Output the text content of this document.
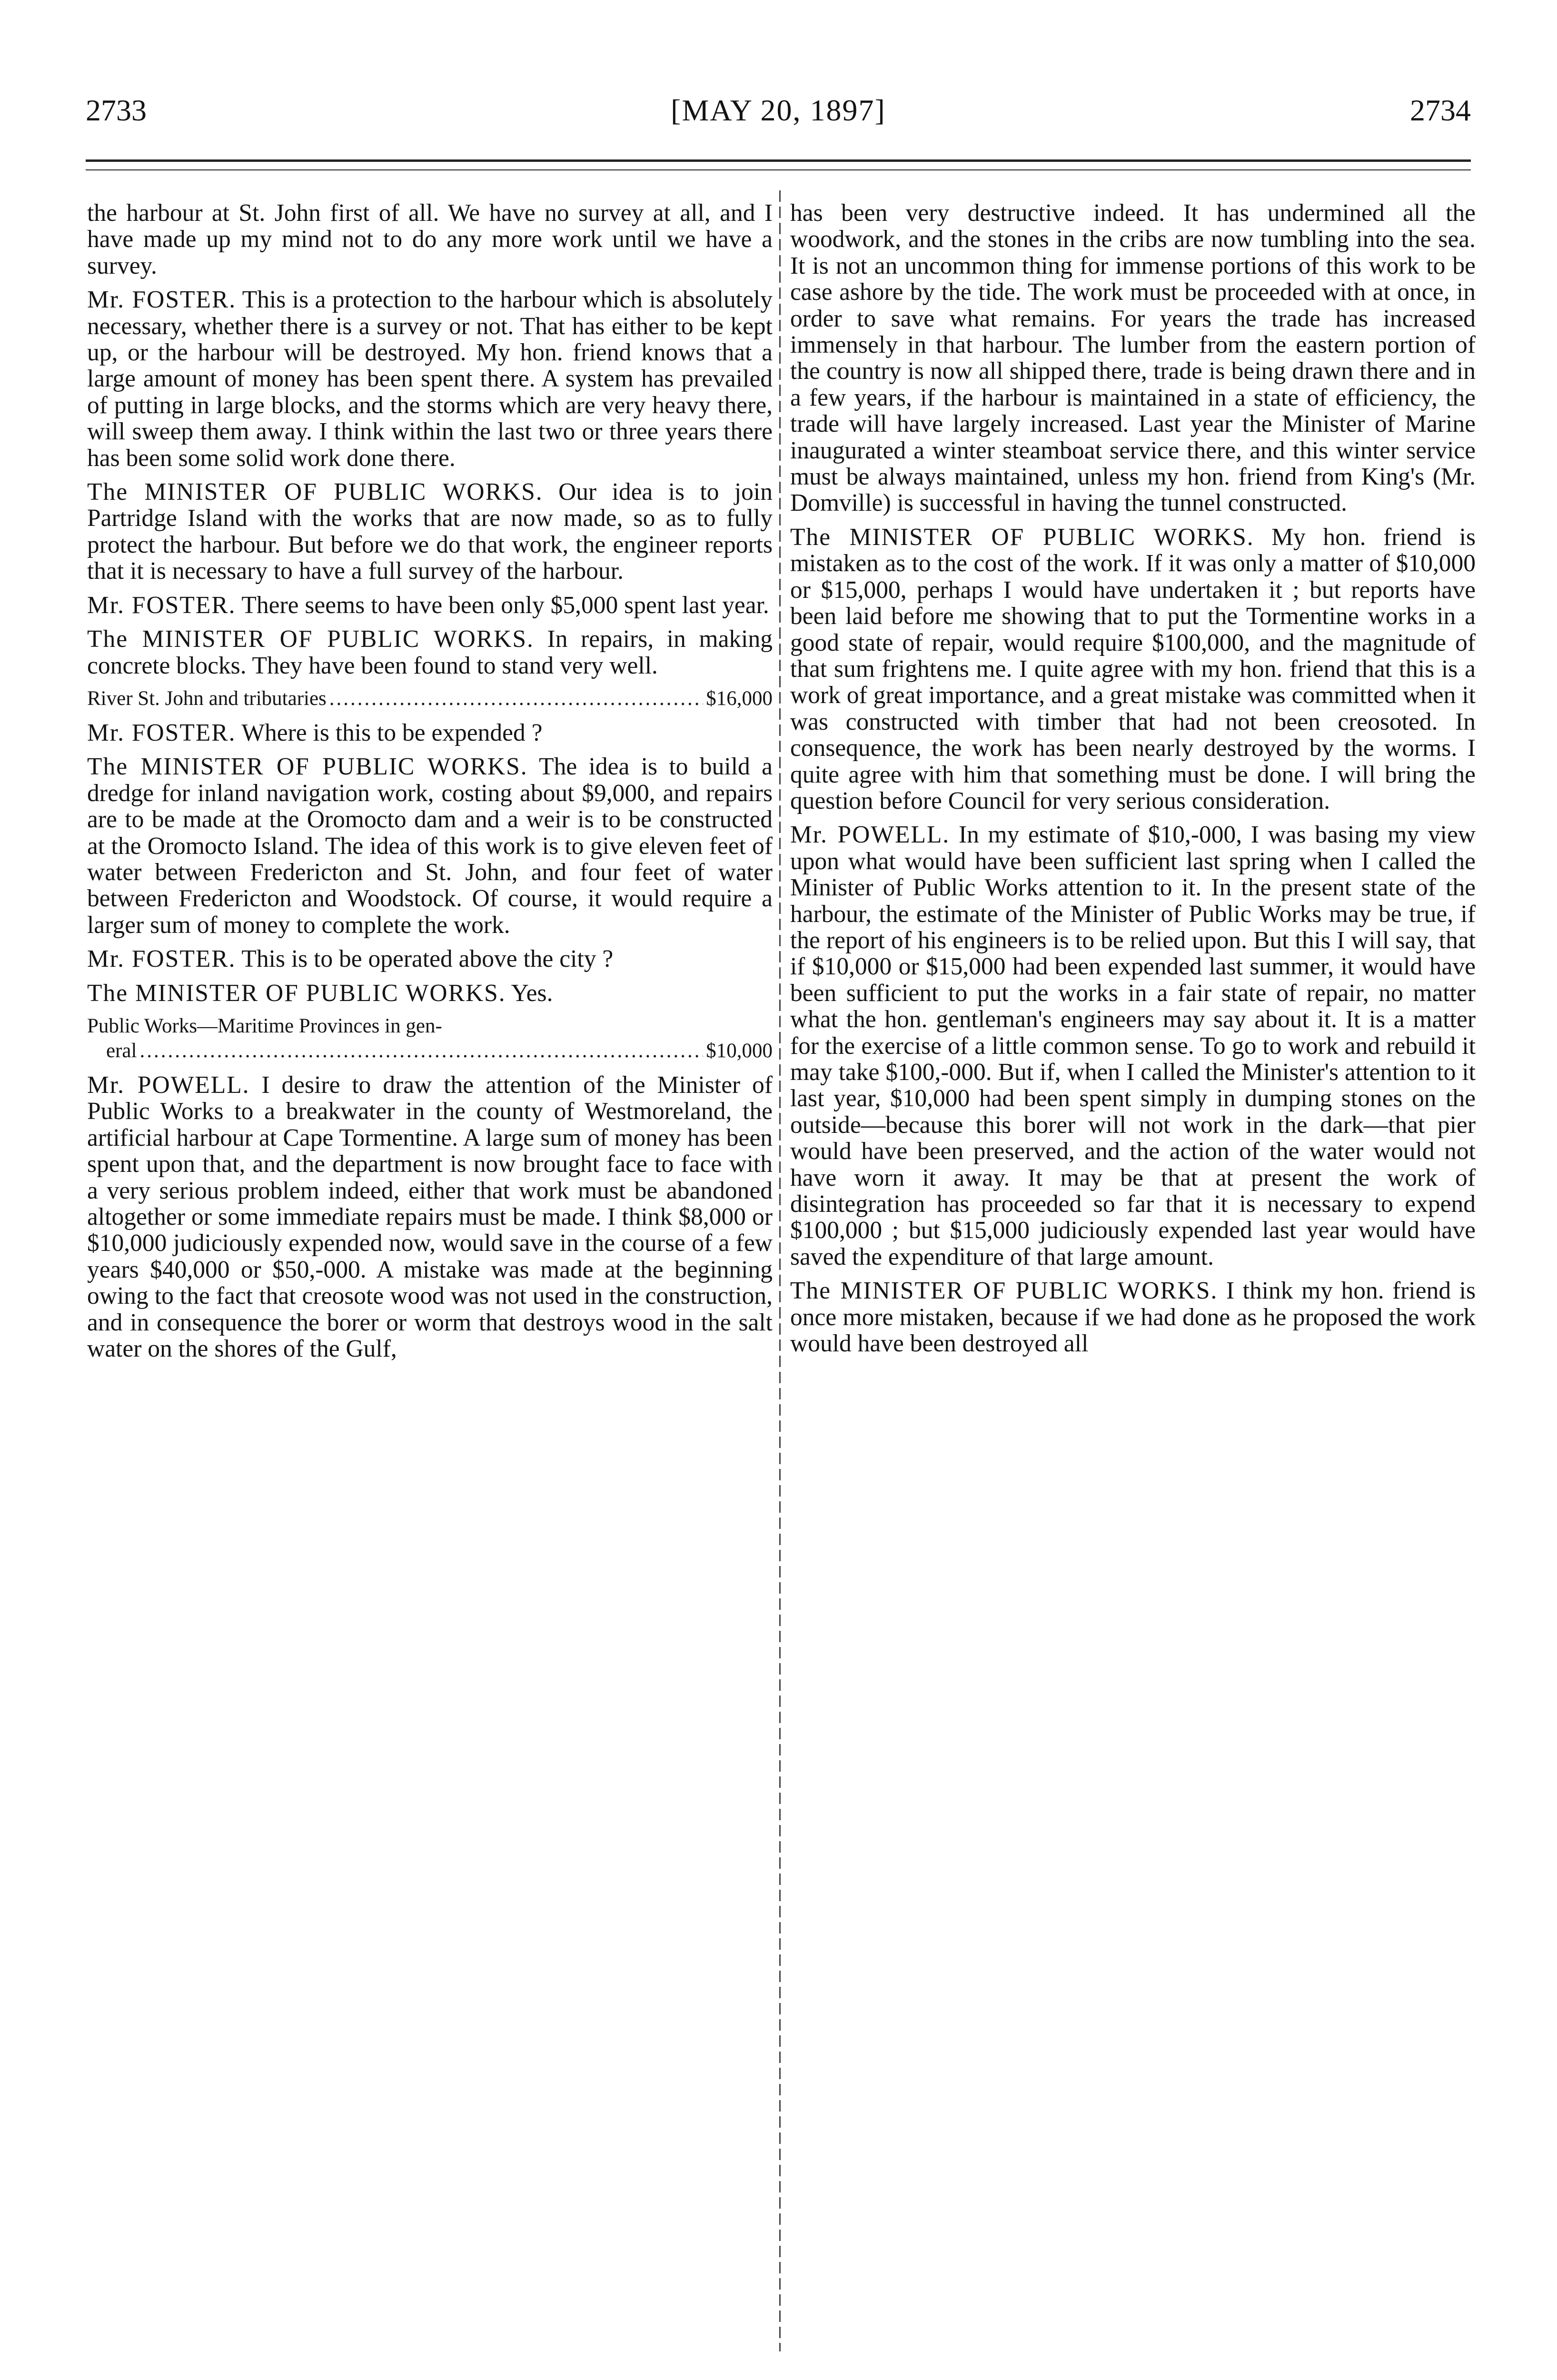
2733	[MAY 20, 1897]	2734

the harbour at St. John first of all. We have no survey at all, and I have made up my mind not to do any more work until we have a survey.

Mr. FOSTER. This is a protection to the harbour which is absolutely necessary, whether there is a survey or not. That has either to be kept up, or the harbour will be destroyed. My hon. friend knows that a large amount of money has been spent there. A system has prevailed of putting in large blocks, and the storms which are very heavy there, will sweep them away. I think within the last two or three years there has been some solid work done there.

The MINISTER OF PUBLIC WORKS. Our idea is to join Partridge Island with the works that are now made, so as to fully protect the harbour. But before we do that work, the engineer reports that it is necessary to have a full survey of the harbour.

Mr. FOSTER. There seems to have been only $5,000 spent last year.

The MINISTER OF PUBLIC WORKS. In repairs, in making concrete blocks. They have been found to stand very well.

River St. John and tributaries .....	$16,000

Mr. FOSTER. Where is this to be expended ?

The MINISTER OF PUBLIC WORKS. The idea is to build a dredge for inland navigation work, costing about $9,000, and repairs are to be made at the Oromocto dam and a weir is to be constructed at the Oromocto Island. The idea of this work is to give eleven feet of water between Fredericton and St. John, and four feet of water between Fredericton and Woodstock. Of course, it would require a larger sum of money to complete the work.

Mr. FOSTER. This is to be operated above the city ?

The MINISTER OF PUBLIC WORKS. Yes.

Public Works—Maritime Provinces in gen-
eral .....	$10,000

Mr. POWELL. I desire to draw the attention of the Minister of Public Works to a breakwater in the county of Westmoreland, the artificial harbour at Cape Tormentine. A large sum of money has been spent upon that, and the department is now brought face to face with a very serious problem indeed, either that work must be abandoned altogether or some immediate repairs must be made. I think $8,000 or $10,000 judiciously expended now, would save in the course of a few years $40,000 or $50,-000. A mistake was made at the beginning owing to the fact that creosote wood was not used in the construction, and in consequence the borer or worm that destroys wood in the salt water on the shores of the Gulf,

has been very destructive indeed. It has undermined all the woodwork, and the stones in the cribs are now tumbling into the sea. It is not an uncommon thing for immense portions of this work to be case ashore by the tide. The work must be proceeded with at once, in order to save what remains. For years the trade has increased immensely in that harbour. The lumber from the eastern portion of the country is now all shipped there, trade is being drawn there and in a few years, if the harbour is maintained in a state of efficiency, the trade will have largely increased. Last year the Minister of Marine inaugurated a winter steamboat service there, and this winter service must be always maintained, unless my hon. friend from King's (Mr. Domville) is successful in having the tunnel constructed.

The MINISTER OF PUBLIC WORKS. My hon. friend is mistaken as to the cost of the work. If it was only a matter of $10,000 or $15,000, perhaps I would have undertaken it ; but reports have been laid before me showing that to put the Tormentine works in a good state of repair, would require $100,000, and the magnitude of that sum frightens me. I quite agree with my hon. friend that this is a work of great importance, and a great mistake was committed when it was constructed with timber that had not been creosoted. In consequence, the work has been nearly destroyed by the worms. I quite agree with him that something must be done. I will bring the question before Council for very serious consideration.

Mr. POWELL. In my estimate of $10,-000, I was basing my view upon what would have been sufficient last spring when I called the Minister of Public Works attention to it. In the present state of the harbour, the estimate of the Minister of Public Works may be true, if the report of his engineers is to be relied upon. But this I will say, that if $10,000 or $15,000 had been expended last summer, it would have been sufficient to put the works in a fair state of repair, no matter what the hon. gentleman's engineers may say about it. It is a matter for the exercise of a little common sense. To go to work and rebuild it may take $100,-000. But if, when I called the Minister's attention to it last year, $10,000 had been spent simply in dumping stones on the outside—because this borer will not work in the dark—that pier would have been preserved, and the action of the water would not have worn it away. It may be that at present the work of disintegration has proceeded so far that it is necessary to expend $100,000 ; but $15,000 judiciously expended last year would have saved the expenditure of that large amount.

The MINISTER OF PUBLIC WORKS. I think my hon. friend is once more mistaken, because if we had done as he proposed the work would have been destroyed all
